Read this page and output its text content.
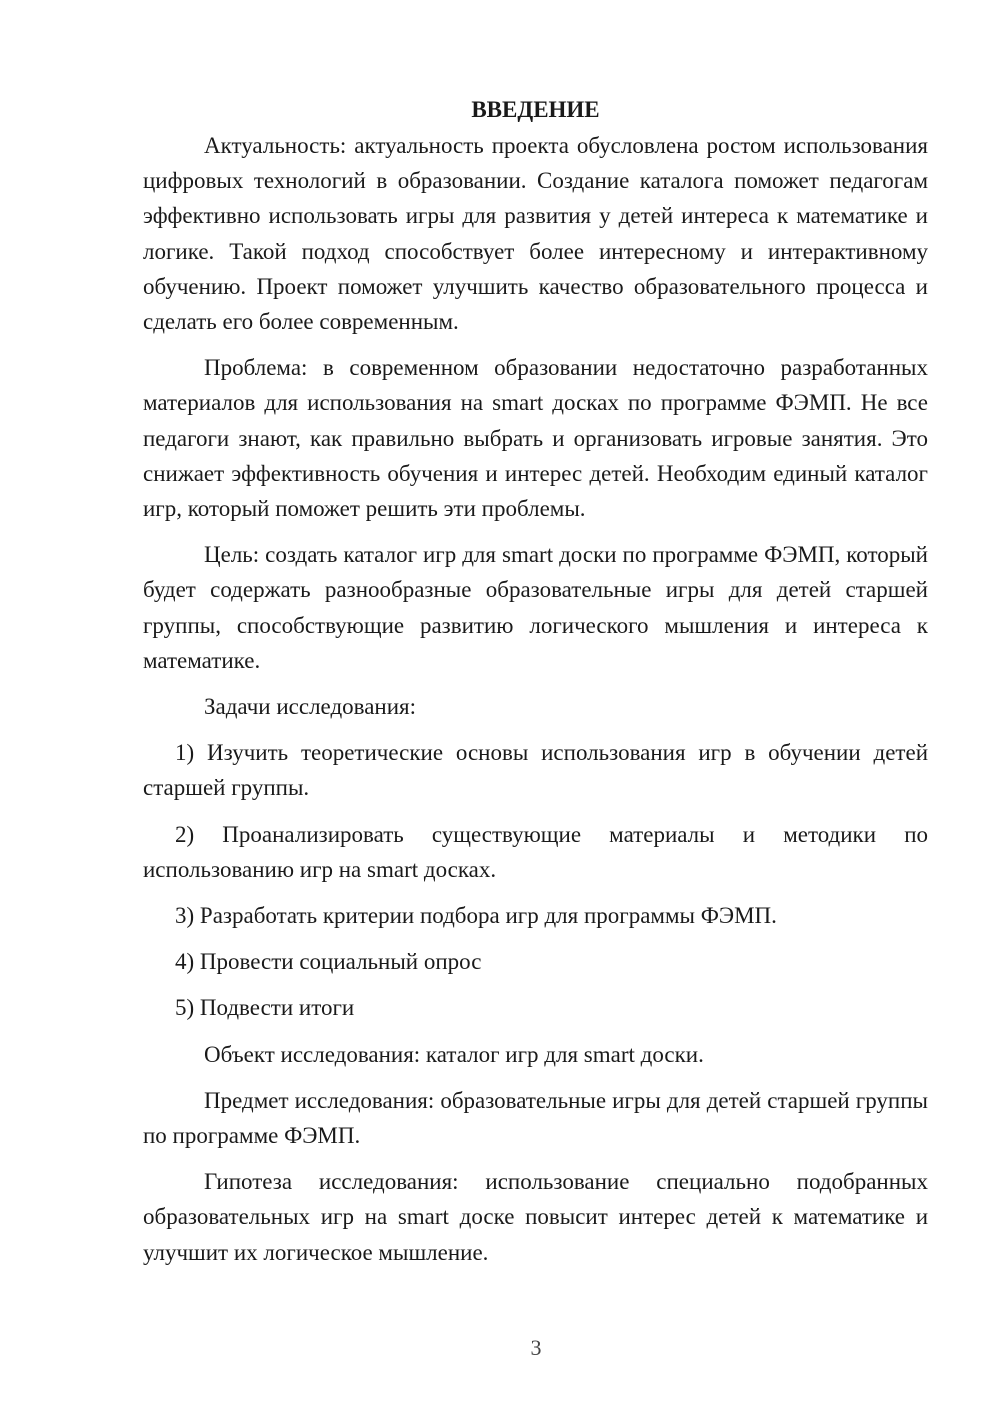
ВВЕДЕНИЕ

Актуальность: актуальность проекта обусловлена ростом использования цифровых технологий в образовании. Создание каталога поможет педагогам эффективно использовать игры для развития у детей интереса к математике и логике. Такой подход способствует более интересному и интерактивному обучению. Проект поможет улучшить качество образовательного процесса и сделать его более современным.

Проблема: в современном образовании недостаточно разработанных материалов для использования на smart досках по программе ФЭМП. Не все педагоги знают, как правильно выбрать и организовать игровые занятия. Это снижает эффективность обучения и интерес детей. Необходим единый каталог игр, который поможет решить эти проблемы.

Цель: создать каталог игр для smart доски по программе ФЭМП, который будет содержать разнообразные образовательные игры для детей старшей группы, способствующие развитию логического мышления и интереса к математике.

Задачи исследования:

1) Изучить теоретические основы использования игр в обучении детей старшей группы.

2) Проанализировать существующие материалы и методики по использованию игр на smart досках.

3) Разработать критерии подбора игр для программы ФЭМП.

4) Провести социальный опрос

5) Подвести итоги

Объект исследования: каталог игр для smart доски.

Предмет исследования: образовательные игры для детей старшей группы по программе ФЭМП.

Гипотеза исследования: использование специально подобранных образовательных игр на smart доске повысит интерес детей к математике и улучшит их логическое мышление.

3
